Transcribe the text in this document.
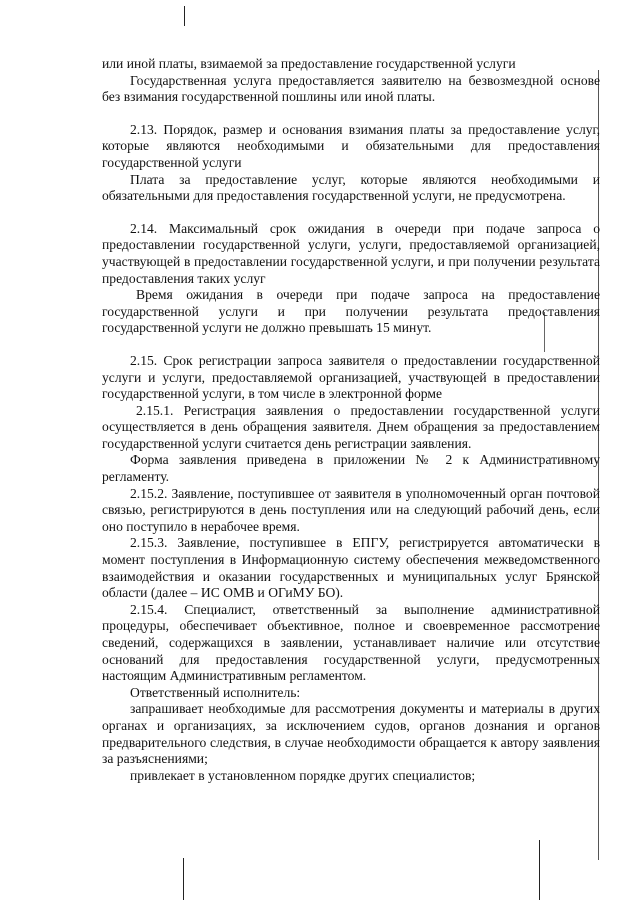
или иной платы, взимаемой за предоставление государственной услуги

Государственная услуга предоставляется заявителю на безвозмездной основе без взимания государственной пошлины или иной платы.

2.13. Порядок, размер и основания взимания платы за предоставление услуг, которые являются необходимыми и обязательными для предоставления государственной услуги

Плата за предоставление услуг, которые являются необходимыми и обязательными для предоставления государственной услуги, не предусмотрена.

2.14. Максимальный срок ожидания в очереди при подаче запроса о предоставлении государственной услуги, услуги, предоставляемой организацией, участвующей в предоставлении государственной услуги, и при получении результата предоставления таких услуг

Время ожидания в очереди при подаче запроса на предоставление государственной услуги и при получении результата предоставления государственной услуги не должно превышать 15 минут.

2.15. Срок регистрации запроса заявителя о предоставлении государственной услуги и услуги, предоставляемой организацией, участвующей в предоставлении государственной услуги, в том числе в электронной форме

2.15.1. Регистрация заявления о предоставлении государственной услуги осуществляется в день обращения заявителя. Днем обращения за предоставлением государственной услуги считается день регистрации заявления.

Форма заявления приведена в приложении № 2 к Административному регламенту.

2.15.2. Заявление, поступившее от заявителя в уполномоченный орган почтовой связью, регистрируются в день поступления или на следующий рабочий день, если оно поступило в нерабочее время.

2.15.3. Заявление, поступившее в ЕПГУ, регистрируется автоматически в момент поступления в Информационную систему обеспечения межведомственного взаимодействия и оказании государственных и муниципальных услуг Брянской области (далее – ИС ОМВ и ОГиМУ БО).

2.15.4. Специалист, ответственный за выполнение административной процедуры, обеспечивает объективное, полное и своевременное рассмотрение сведений, содержащихся в заявлении, устанавливает наличие или отсутствие оснований для предоставления государственной услуги, предусмотренных настоящим Административным регламентом.

Ответственный исполнитель:

запрашивает необходимые для рассмотрения документы и материалы в других органах и организациях, за исключением судов, органов дознания и органов предварительного следствия, в случае необходимости обращается к автору заявления за разъяснениями;

привлекает в установленном порядке других специалистов;
